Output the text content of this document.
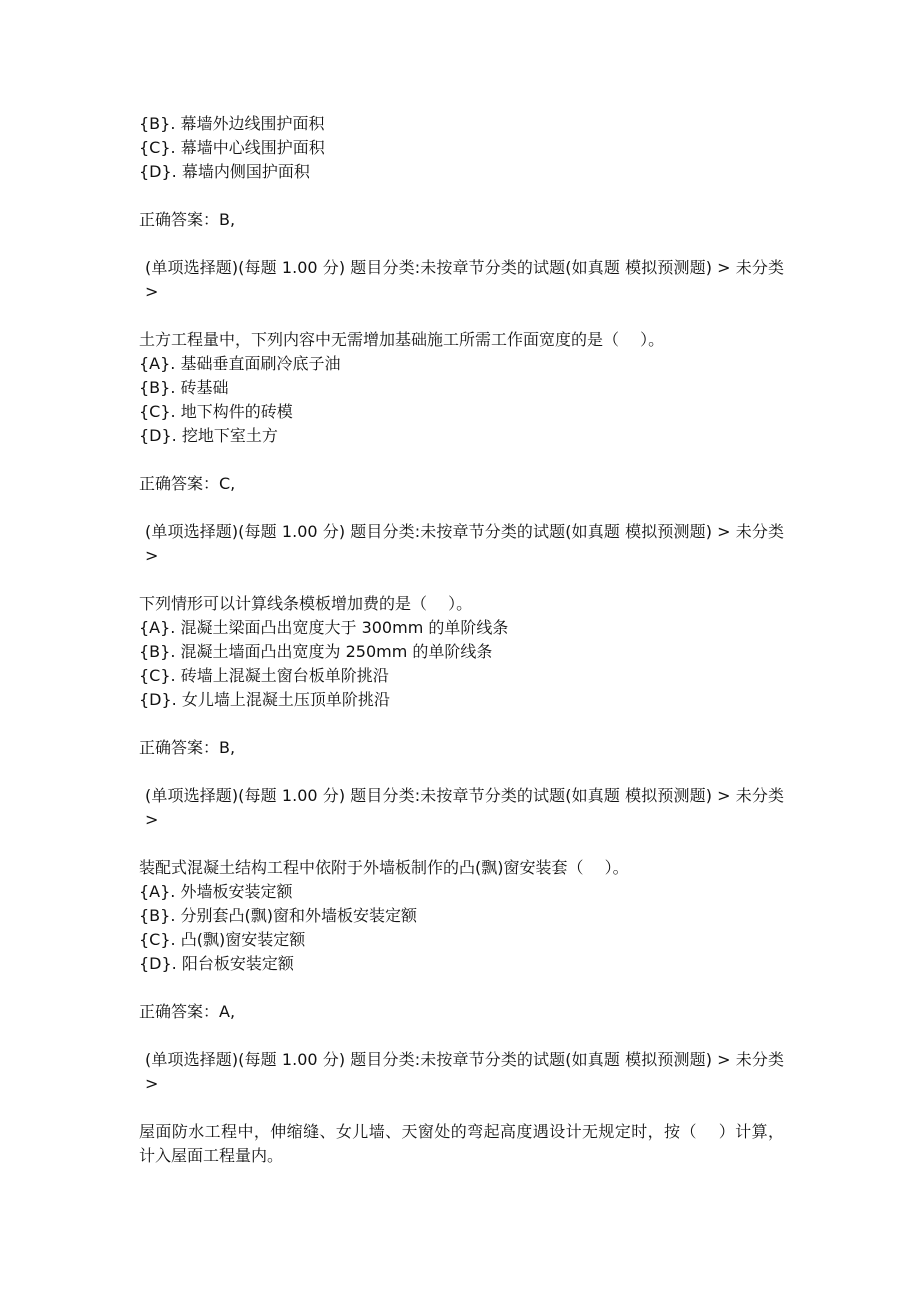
{B}. 幕墙外边线围护面积
{C}. 幕墙中心线围护面积
{D}. 幕墙内侧国护面积
正确答案：B,
(单项选择题)(每题 1.00 分) 题目分类:未按章节分类的试题(如真题 模拟预测题) > 未分类 >
土方工程量中，下列内容中无需增加基础施工所需工作面宽度的是（　 ）。
{A}. 基础垂直面刷冷底子油
{B}. 砖基础
{C}. 地下构件的砖模
{D}. 挖地下室土方
正确答案：C,
(单项选择题)(每题 1.00 分) 题目分类:未按章节分类的试题(如真题 模拟预测题) > 未分类 >
下列情形可以计算线条模板增加费的是（　 ）。
{A}. 混凝土梁面凸出宽度大于 300mm 的单阶线条
{B}. 混凝土墙面凸出宽度为 250mm 的单阶线条
{C}. 砖墙上混凝土窗台板单阶挑沿
{D}. 女儿墙上混凝土压顶单阶挑沿
正确答案：B,
(单项选择题)(每题 1.00 分) 题目分类:未按章节分类的试题(如真题 模拟预测题) > 未分类 >
装配式混凝土结构工程中依附于外墙板制作的凸(飘)窗安装套（　 ）。
{A}. 外墙板安装定额
{B}. 分别套凸(飘)窗和外墙板安装定额
{C}. 凸(飘)窗安装定额
{D}. 阳台板安装定额
正确答案：A,
(单项选择题)(每题 1.00 分) 题目分类:未按章节分类的试题(如真题 模拟预测题) > 未分类 >
屋面防水工程中，伸缩缝、女儿墙、天窗处的弯起高度遇设计无规定时，按（　 ）计算，计入屋面工程量内。
